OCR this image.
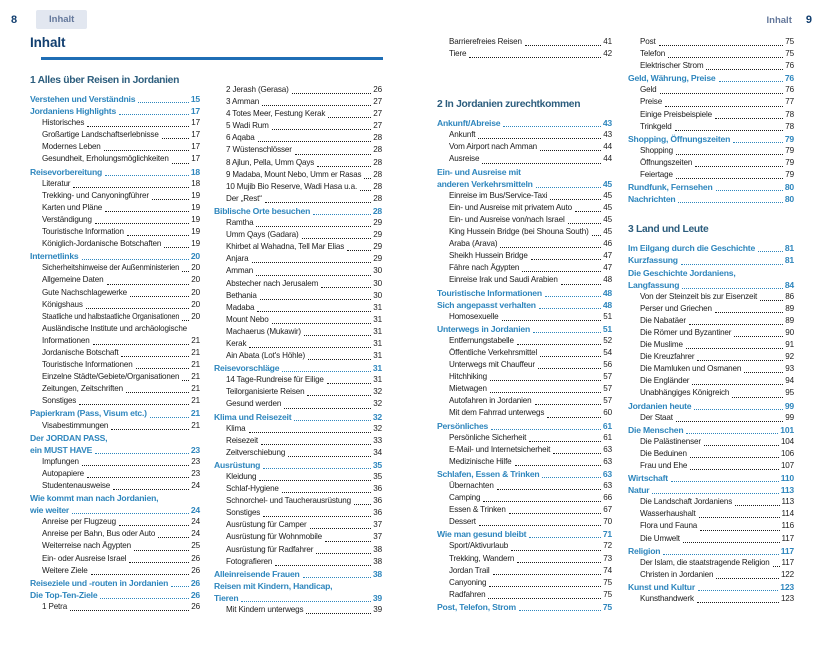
8	Inhalt	Inhalt 9
Inhalt
1 Alles über Reisen in Jordanien
Verstehen und Verständnis	15
Jordaniens Highlights	17
Historisches	17
Großartige Landschaftserlebnisse	17
Modernes Leben	17
Gesundheit, Erholungsmöglichkeiten	17
Reisevorbereitung	18
Literatur	18
Trekking- und Canyoningführer	19
Karten und Pläne	19
Verständigung	19
Touristische Information	19
Königlich-Jordanische Botschaften	19
Internetlinks	20
Sicherheitshinweise der Außenministerien 20
Allgemeine Daten	20
Gute Nachschlagewerke	20
Königshaus	20
Staatliche und halbstaatliche Organisationen 20
Ausländische Institute und archäologische
Informationen	21
Jordanische Botschaft	21
Touristische Informationen	21
Einzelne Städte/Gebiete/Organisationen 21
Zeitungen, Zeitschriften	21
Sonstiges	21
Papierkram (Pass, Visum etc.)	21
Visabestimmungen	21
Der JORDAN PASS,
ein MUST HAVE	23
Impfungen	23
Autopapiere	23
Studentenausweise	24
Wie kommt man nach Jordanien,
wie weiter	24
Anreise per Flugzeug	24
Anreise per Bahn, Bus oder Auto	24
Weiterreise nach Ägypten	25
Ein- oder Ausreise Israel	26
Weitere Ziele	26
Reiseziele und -routen in Jordanien	26
Die Top-Ten-Ziele	26
1 Petra	26
2 Jerash (Gerasa)	26
3 Amman	27
4 Totes Meer, Festung Kerak	27
5 Wadi Rum	27
6 Aqaba	28
7 Wüstenschlösser	28
8 Ajlun, Pella, Umm Qays	28
9 Madaba, Mount Nebo, Umm er Rasas 28
10 Mujib Bio Reserve, Wadi Hasa u.a. 28
Der „Rest“	28
Biblische Orte besuchen	28
Ramtha	29
Umm Qays (Gadara)	29
Khirbet al Wahadna, Tell Mar Elias	29
Anjara	29
Amman	30
Abstecher nach Jerusalem	30
Bethania	30
Madaba	31
Mount Nebo	31
Machaerus (Mukawir)	31
Kerak	31
Ain Abata (Lot's Höhle)	31
Reisevorschläge	31
14 Tage-Rundreise für Eilige	31
Teilorganisierte Reisen	32
Gesund werden	32
Klima und Reisezeit	32
Klima	32
Reisezeit	33
Zeitverschiebung	34
Ausrüstung	35
Kleidung	35
Schlaf-Hygiene	36
Schnorchel- und Taucherausrüstung	36
Sonstiges	36
Ausrüstung für Camper	37
Ausrüstung für Wohnmobile	37
Ausrüstung für Radfahrer	38
Fotografieren	38
Alleinreisende Frauen	38
Reisen mit Kindern, Handicap,
Tieren	39
Mit Kindern unterwegs	39
Barrierefreies Reisen	41
Tiere	42
2 In Jordanien zurechtkommen
Ankunft/Abreise	43
Ankunft	43
Vom Airport nach Amman	44
Ausreise	44
Ein- und Ausreise mit
anderen Verkehrsmitteln	45
Einreise im Bus/Service-Taxi	45
Ein- und Ausreise mit privatem Auto	45
Ein- und Ausreise von/nach Israel	45
King Hussein Bridge (bei Shouna South) 45
Araba (Arava)	46
Sheikh Hussein Bridge	47
Fähre nach Ägypten	47
Einreise Irak und Saudi Arabien	48
Touristische Informationen	48
Sich angepasst verhalten	48
Homosexuelle	51
Unterwegs in Jordanien	51
Entfernungstabelle	52
Öffentliche Verkehrsmittel	54
Unterwegs mit Chauffeur	56
Hitchhiking	57
Mietwagen	57
Autofahren in Jordanien	57
Mit dem Fahrrad unterwegs	60
Persönliches	61
Persönliche Sicherheit	61
E-Mail- und Internetsicherheit	63
Medizinische Hilfe	63
Schlafen, Essen & Trinken	63
Übernachten	63
Camping	66
Essen & Trinken	67
Dessert	70
Wie man gesund bleibt	71
Sport/Aktivurlaub	72
Trekking, Wandern	73
Jordan Trail	74
Canyoning	75
Radfahren	75
Post, Telefon, Strom	75
Post	75
Telefon	75
Elektrischer Strom	76
Geld, Währung, Preise	76
Geld	76
Preise	77
Einige Preisbeispiele	78
Trinkgeld	78
Shopping, Öffnungszeiten	79
Shopping	79
Öffnungszeiten	79
Feiertage	79
Rundfunk, Fernsehen	80
Nachrichten	80
3 Land und Leute
Im Eilgang durch die Geschichte	81
Kurzfassung	81
Die Geschichte Jordaniens,
Langfassung	84
Von der Steinzeit bis zur Eisenzeit	86
Perser und Griechen	89
Die Nabatäer	89
Die Römer und Byzantiner	90
Die Muslime	91
Die Kreuzfahrer	92
Die Mamluken und Osmanen	93
Die Engländer	94
Unabhängiges Königreich	95
Jordanien heute	99
Der Staat	99
Die Menschen	101
Die Palästinenser	104
Die Beduinen	106
Frau und Ehe	107
Wirtschaft	110
Natur	113
Die Landschaft Jordaniens	113
Wasserhaushalt	114
Flora und Fauna	116
Die Umwelt	117
Religion	117
Der Islam, die staatstragende Religion 117
Christen in Jordanien	122
Kunst und Kultur	123
Kunsthandwerk	123
